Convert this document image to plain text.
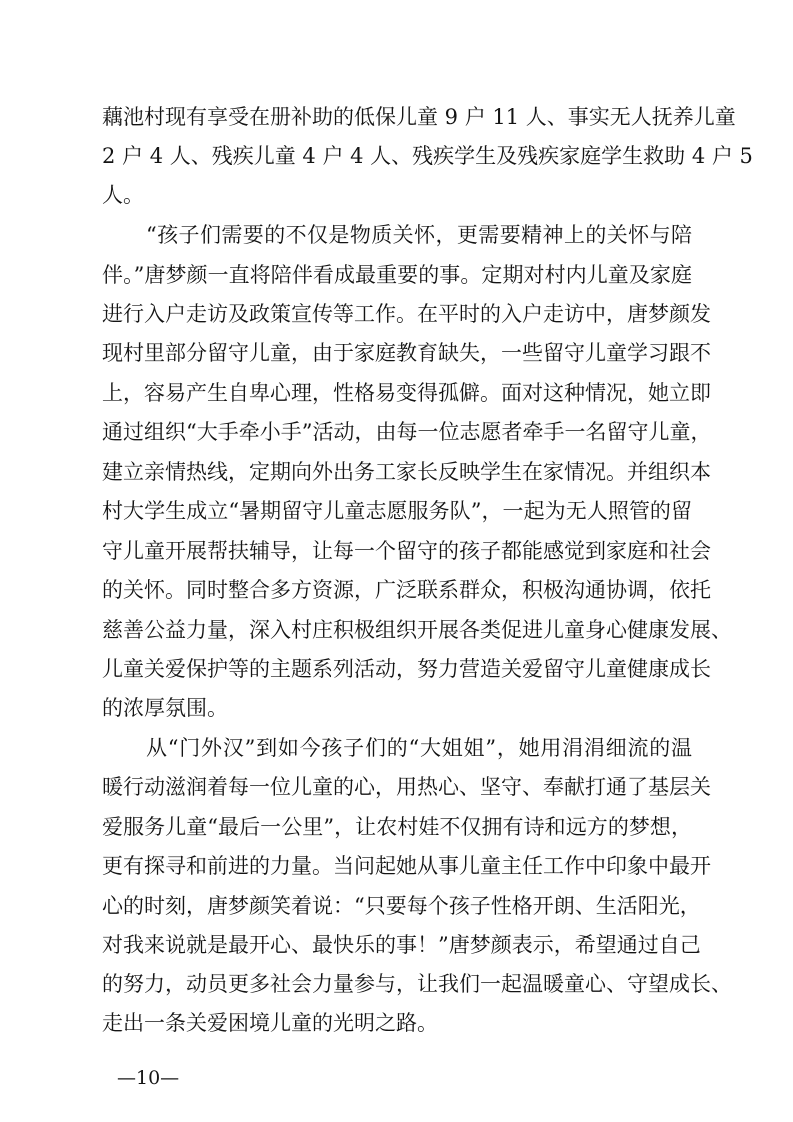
藕池村现有享受在册补助的低保儿童 9 户 11 人、事实无人抚养儿童
2 户 4 人、残疾儿童 4 户 4 人、残疾学生及残疾家庭学生救助 4 户 5
人。
“孩子们需要的不仅是物质关怀，更需要精神上的关怀与陪
伴。”唐梦颜一直将陪伴看成最重要的事。定期对村内儿童及家庭
进行入户走访及政策宣传等工作。在平时的入户走访中，唐梦颜发
现村里部分留守儿童，由于家庭教育缺失，一些留守儿童学习跟不
上，容易产生自卑心理，性格易变得孤僻。面对这种情况，她立即
通过组织“大手牵小手”活动，由每一位志愿者牵手一名留守儿童，
建立亲情热线，定期向外出务工家长反映学生在家情况。并组织本
村大学生成立“暑期留守儿童志愿服务队”，一起为无人照管的留
守儿童开展帮扶辅导，让每一个留守的孩子都能感觉到家庭和社会
的关怀。同时整合多方资源，广泛联系群众，积极沟通协调，依托
慈善公益力量，深入村庄积极组织开展各类促进儿童身心健康发展、
儿童关爱保护等的主题系列活动，努力营造关爱留守儿童健康成长
的浓厚氛围。
从“门外汉”到如今孩子们的“大姐姐”，她用涓涓细流的温
暖行动滋润着每一位儿童的心，用热心、坚守、奉献打通了基层关
爱服务儿童“最后一公里”，让农村娃不仅拥有诗和远方的梦想，
更有探寻和前进的力量。当问起她从事儿童主任工作中印象中最开
心的时刻，唐梦颜笑着说：“只要每个孩子性格开朗、生活阳光，
对我来说就是最开心、最快乐的事！”唐梦颜表示，希望通过自己
的努力，动员更多社会力量参与，让我们一起温暖童心、守望成长、
走出一条关爱困境儿童的光明之路。
—10—
